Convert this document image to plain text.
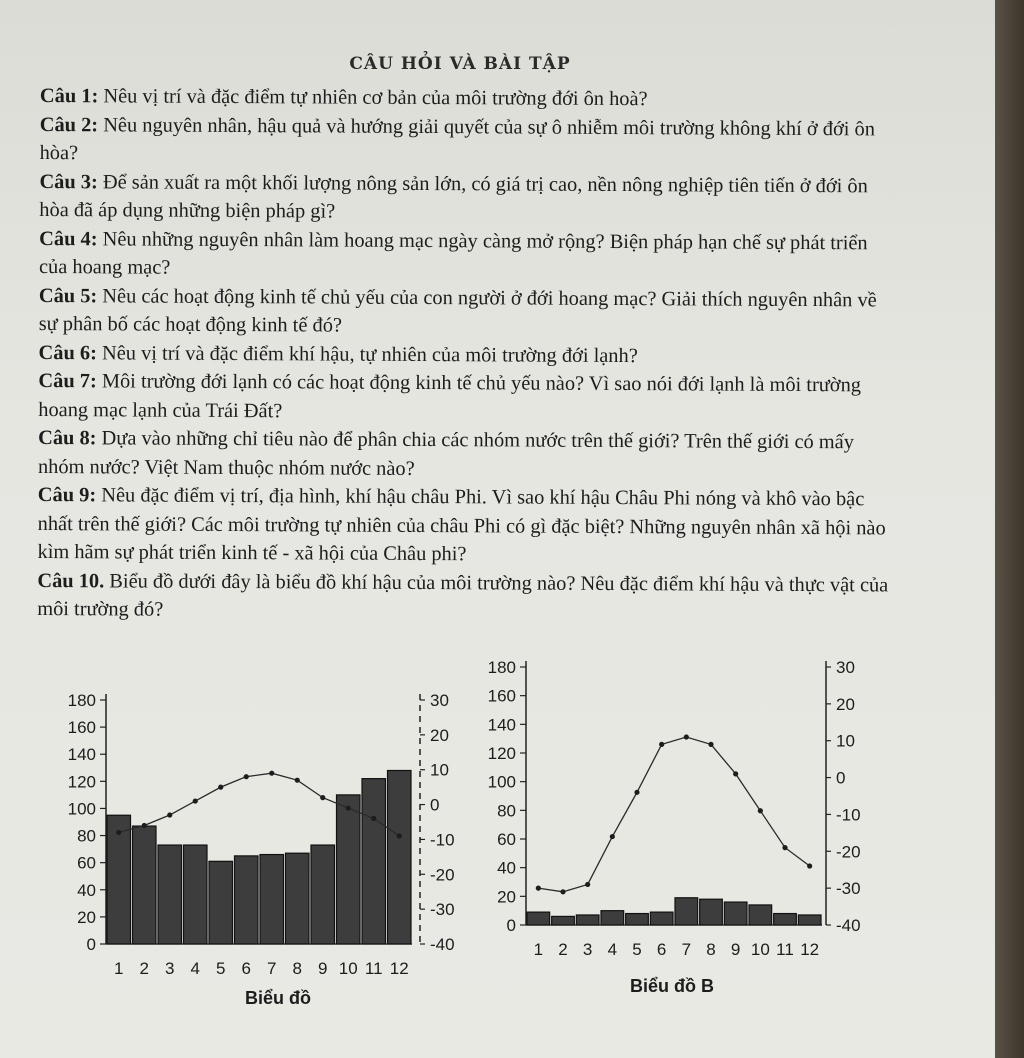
CÂU HỎI VÀ BÀI TẬP

Câu 1: Nêu vị trí và đặc điểm tự nhiên cơ bản của môi trường đới ôn hoà?

Câu 2: Nêu nguyên nhân, hậu quả và hướng giải quyết của sự ô nhiễm môi trường không khí ở đới ôn hòa?

Câu 3: Để sản xuất ra một khối lượng nông sản lớn, có giá trị cao, nền nông nghiệp tiên tiến ở đới ôn hòa đã áp dụng những biện pháp gì?

Câu 4: Nêu những nguyên nhân làm hoang mạc ngày càng mở rộng? Biện pháp hạn chế sự phát triển của hoang mạc?

Câu 5: Nêu các hoạt động kinh tế chủ yếu của con người ở đới hoang mạc? Giải thích nguyên nhân về sự phân bố các hoạt động kinh tế đó?

Câu 6: Nêu vị trí và đặc điểm khí hậu, tự nhiên của môi trường đới lạnh?

Câu 7: Môi trường đới lạnh có các hoạt động kinh tế chủ yếu nào? Vì sao nói đới lạnh là môi trường hoang mạc lạnh của Trái Đất?

Câu 8: Dựa vào những chỉ tiêu nào để phân chia các nhóm nước trên thế giới? Trên thế giới có mấy nhóm nước? Việt Nam thuộc nhóm nước nào?

Câu 9: Nêu đặc điểm vị trí, địa hình, khí hậu châu Phi. Vì sao khí hậu Châu Phi nóng và khô vào bậc nhất trên thế giới? Các môi trường tự nhiên của châu Phi có gì đặc biệt? Những nguyên nhân xã hội nào kìm hãm sự phát triển kinh tế - xã hội của Châu phi?

Câu 10. Biểu đồ dưới đây là biểu đồ khí hậu của môi trường nào? Nêu đặc điểm khí hậu và thực vật của môi trường đó?

180
160
140
120
100
80
60
40
20
0
30
20
10
0
-10
-20
-30
-40
1 2 3 4 5 6 7 8 9 10 11 12
Biểu đồ
180
160
140
120
100
80
60
40
20
0
30
20
10
0
-10
-20
-30
-40
1 2 3 4 5 6 7 8 9 10 11 12
Biểu đồ B
